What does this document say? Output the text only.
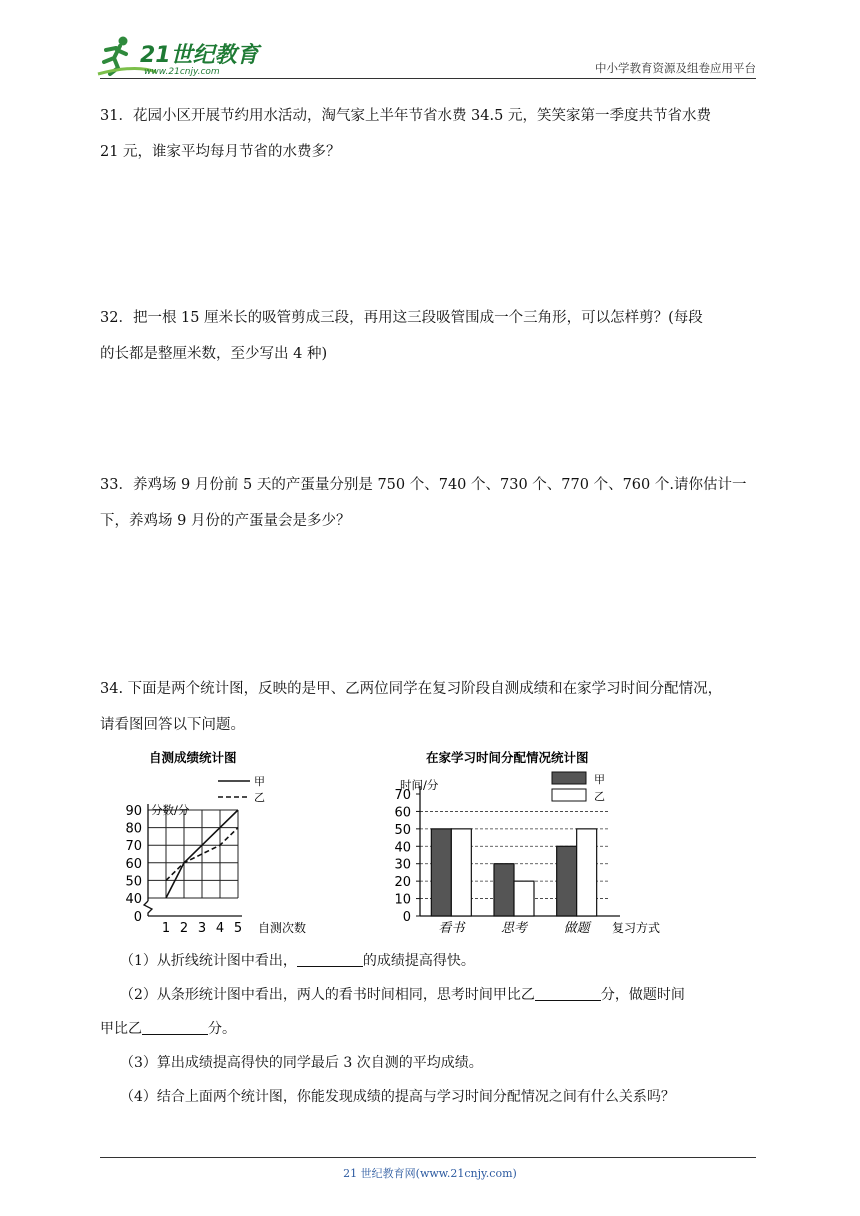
21世纪教育
www.21cnjy.com	中小学教育资源及组卷应用平台
31．花园小区开展节约用水活动，淘气家上半年节省水费 34.5 元，笑笑家第一季度共节省水费
21 元，谁家平均每月节省的水费多？
32．把一根 15 厘米长的吸管剪成三段，再用这三段吸管围成一个三角形，可以怎样剪？(每段
的长都是整厘米数，至少写出 4 种)
33．养鸡场 9 月份前 5 天的产蛋量分别是 750 个、740 个、730 个、770 个、760 个.请你估计一
下，养鸡场 9 月份的产蛋量会是多少？
34. 下面是两个统计图，反映的是甲、乙两位同学在复习阶段自测成绩和在家学习时间分配情况，
请看图回答以下问题。
自测成绩统计图
甲
乙
分数/分
0
40
50
60
70
80
90
1 2 3 4 5 自测次数
在家学习时间分配情况统计图
甲
乙
时间/分
0
10
20
30
40
50
60
70
看书	思考	做题 复习方式
（1）从折线统计图中看出，	的成绩提高得快。
（2）从条形统计图中看出，两人的看书时间相同，思考时间甲比乙	分，做题时间
甲比乙	分。
（3）算出成绩提高得快的同学最后 3 次自测的平均成绩。
（4）结合上面两个统计图，你能发现成绩的提高与学习时间分配情况之间有什么关系吗？
21 世纪教育网(www.21cnjy.com)
